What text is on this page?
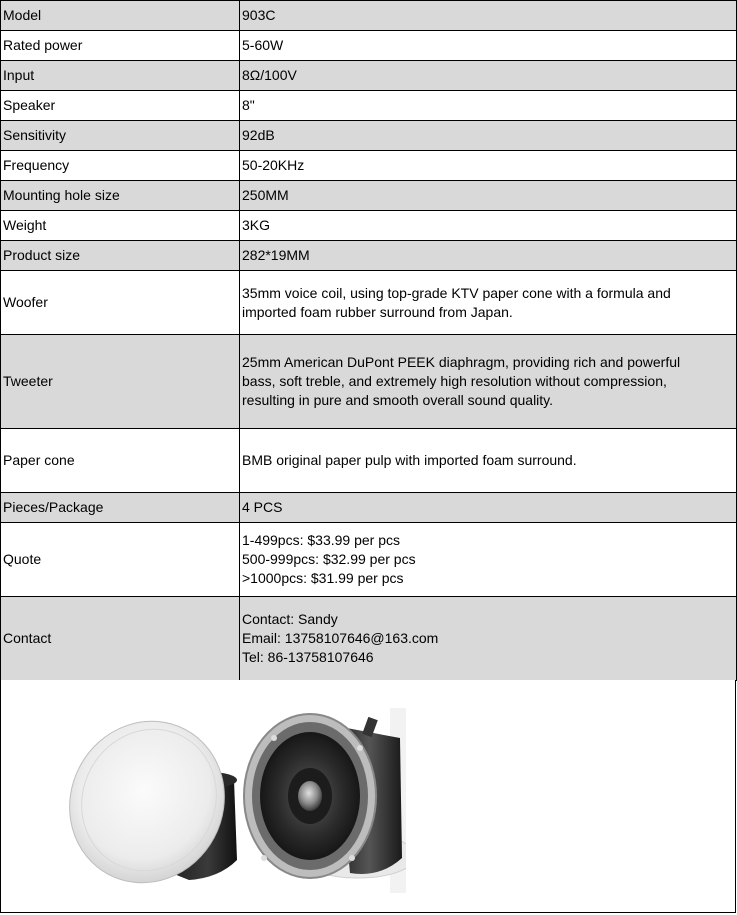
Model	903C
Rated power	5-60W
Input	8Ω/100V
Speaker	8"
Sensitivity	92dB
Frequency	50-20KHz
Mounting hole size	250MM
Weight	3KG
Product size	282*19MM
Woofer	35mm voice coil, using top-grade KTV paper cone with a formula and
imported foam rubber surround from Japan.

Tweeter	25mm American DuPont PEEK diaphragm, providing rich and powerful
bass, soft treble, and extremely high resolution without compression,
resulting in pure and smooth overall sound quality.

Paper cone	BMB original paper pulp with imported foam surround.
Pieces/Package	4 PCS
Quote	1-499pcs: $33.99 per pcs
500-999pcs: $32.99 per pcs
>1000pcs: $31.99 per pcs

Contact	Contact: Sandy
Email: 13758107646@163.com
Tel: 86-13758107646
